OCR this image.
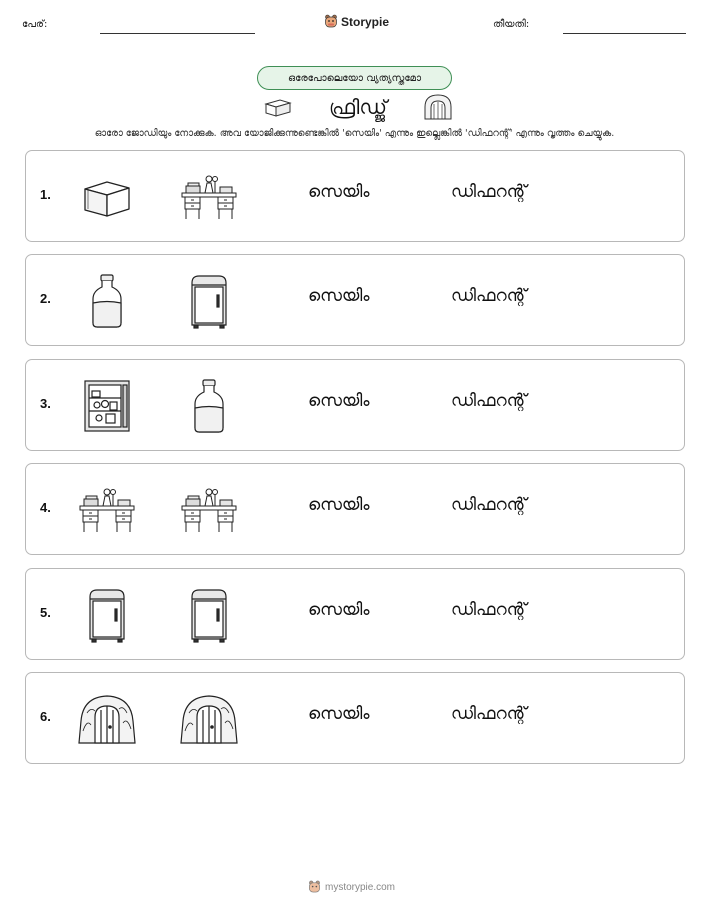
പേര്:	Storypie	തീയതി:
ഒരേപോലെയോ വ്യത്യസ്തമോ
ഫ്രിഡ്ജ്
ഓരോ ജോഡിയും നോക്കുക. അവ യോജിക്കുന്നുണ്ടെങ്കിൽ 'സെയിം' എന്നും ഇല്ലെങ്കിൽ 'ഡിഫറന്റ്' എന്നും വൃത്തം ചെയ്യുക.
1.	സെയിം	ഡിഫറന്റ്
2.	സെയിം	ഡിഫറന്റ്
3.	സെയിം	ഡിഫറന്റ്
4.	സെയിം	ഡിഫറന്റ്
5.	സെയിം	ഡിഫറന്റ്
6.	സെയിം	ഡിഫറന്റ്
mystorypie.com
